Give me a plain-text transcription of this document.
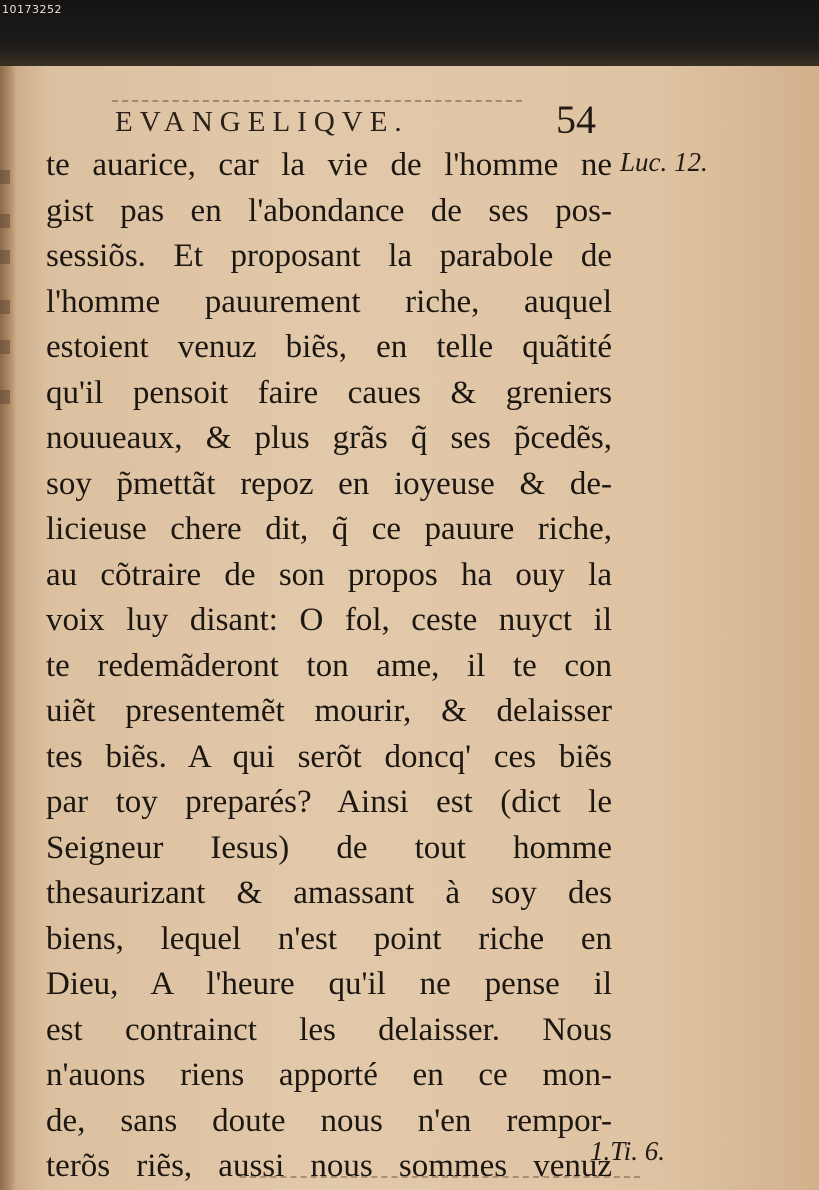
10173252
EVANGELIQVE.	54
Luc. 12.
te auarice, car la vie de l'homme ne
gist pas en l'abondance de ses pos-
sessiõs. Et proposant la parabole de
l'homme pauurement riche, auquel
estoient venuz biẽs, en telle quãtité
qu'il pensoit faire caues & greniers
nouueaux, & plus grãs q̃ ses p̃cedẽs,
soy p̃mettãt repoz en ioyeuse & de-
licieuse chere dit, q̃ ce pauure riche,
au cõtraire de son propos ha ouy la
voix luy disant: O fol, ceste nuyct il
te redemãderont ton ame, il te con
uiẽt presentemẽt mourir, & delaisser
tes biẽs. A qui serõt doncq' ces biẽs
par toy preparés? Ainsi est (dict le
Seigneur Iesus) de tout homme
thesaurizant & amassant à soy des
biens, lequel n'est point riche en
Dieu, A l'heure qu'il ne pense il
est contrainct les delaisser. Nous
n'auons riens apporté en ce mon-
de, sans doute nous n'en rempor-
terõs riẽs, aussi nous sommes venuz
1.Ti. 6.
